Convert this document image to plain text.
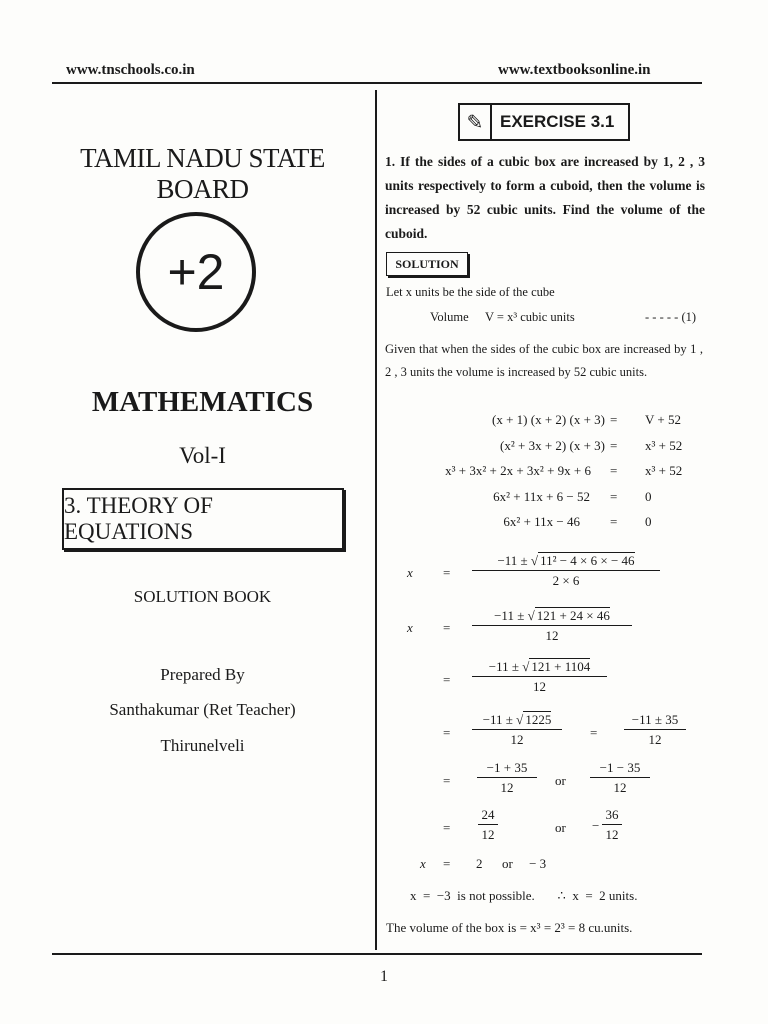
www.tnschools.co.in	www.textbooksonline.in
TAMIL NADU STATE BOARD
+2
MATHEMATICS
Vol-I
3. THEORY OF EQUATIONS
SOLUTION BOOK
Prepared By
Santhakumar (Ret Teacher)
Thirunelveli
✎ EXERCISE 3.1
1. If the sides of a cubic box are increased by 1, 2 , 3 units respectively to form a cuboid, then the volume is increased by 52 cubic units. Find the volume of the cuboid.
SOLUTION
Let x units be the side of the cube
Volume V = x³ cubic units	- - - - - (1)
Given that when the sides of the cubic box are increased by 1 , 2 , 3 units the volume is increased by 52 cubic units.
(x + 1) (x + 2) (x + 3) = V + 52
(x² + 3x + 2) (x + 3) = x³ + 52
x³ + 3x² + 2x + 3x² + 9x + 6 = x³ + 52
6x² + 11x + 6 − 52 = 0
6x² + 11x − 46 = 0
$x = \frac{\text{−11 ± √ 11² − 4 × 6 × − 46}}{2 \times 6}$
$x = \frac{-11 \pm √ 121 + 24 \times 46}{12}$
= $\frac{-11 \pm √ 121 + 1104}{12}$
= $\frac{-11 \pm √ 1225}{12} = \frac{-11 \pm 35}{12}$
= $\frac{-1 + 35}{12}$ or $\frac{-1 - 35}{12}$
= $\frac{24}{12}$	or − $\frac{36}{12}$
x = 2      or     − 3
x  =  −3  is not possible.       ∴  x  =  2 units.
The volume of the box is = x³ = 2³ = 8 cu.units.
1
